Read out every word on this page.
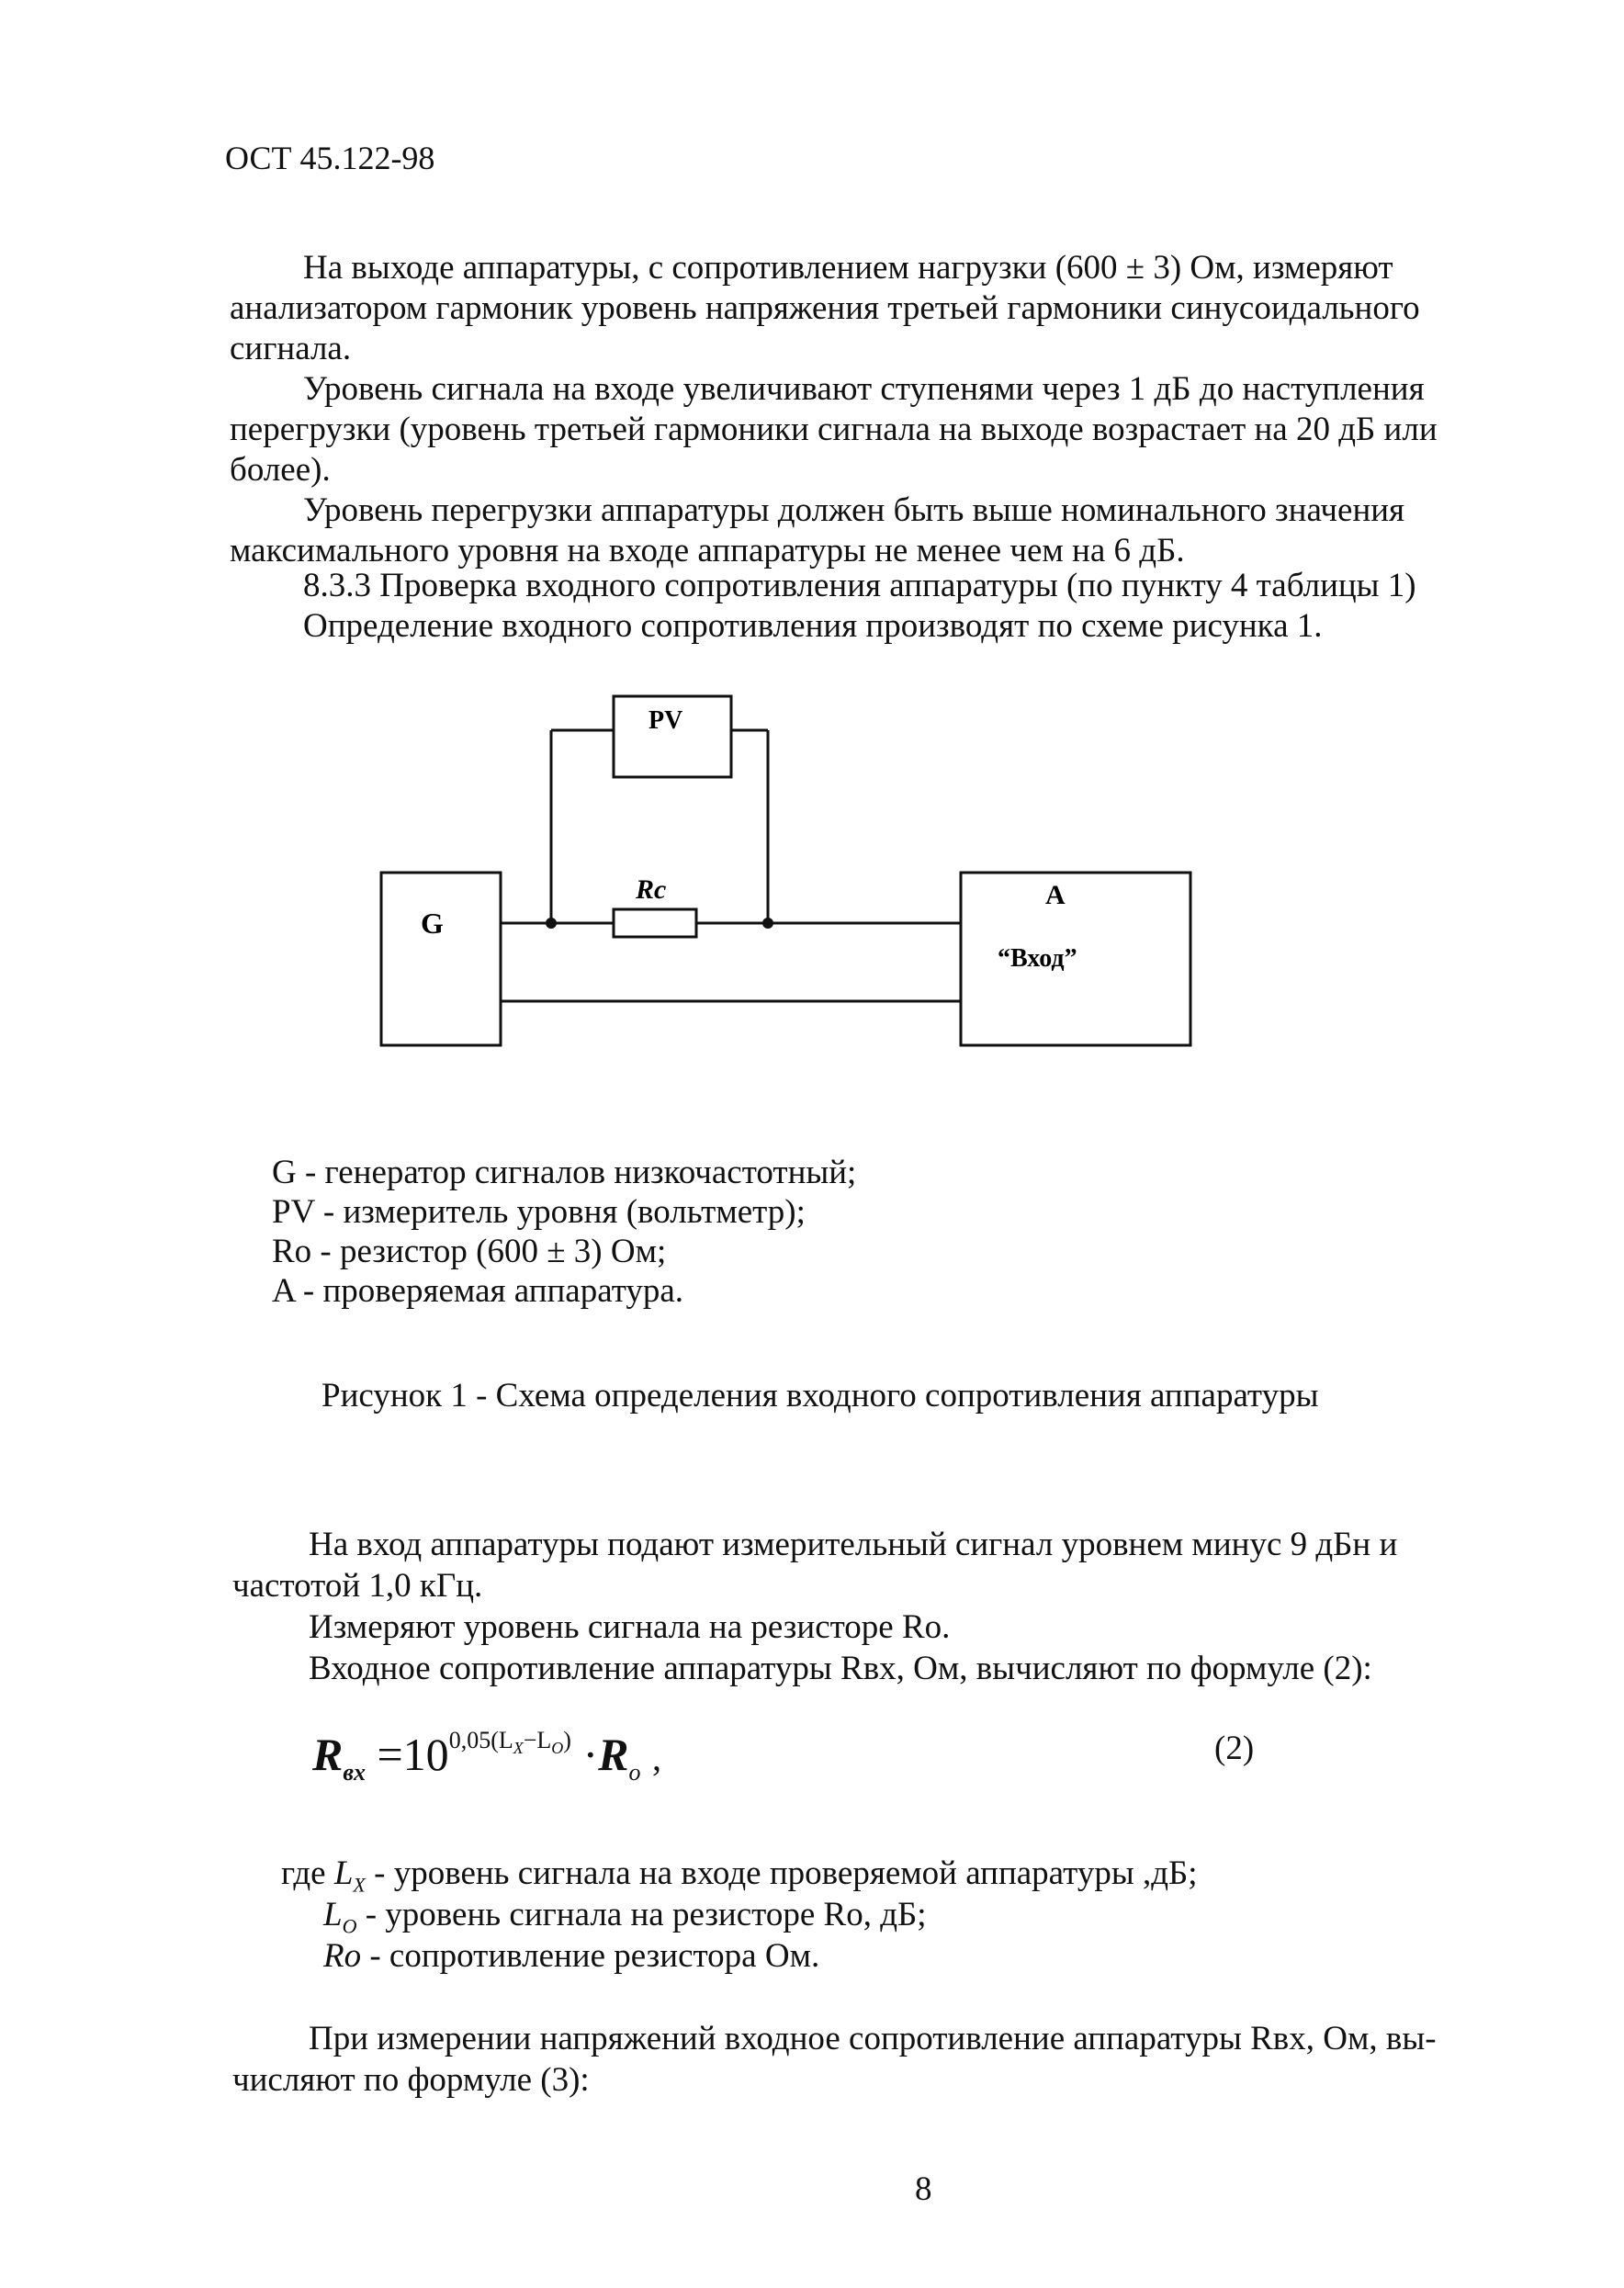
ОСТ 45.122-98
На выходе аппаратуры, с сопротивлением нагрузки (600 ± 3) Ом, измеряют
анализатором гармоник уровень напряжения третьей гармоники синусоидального
сигнала.
Уровень сигнала на входе увеличивают ступенями через 1 дБ до наступления
перегрузки (уровень третьей гармоники сигнала на выходе возрастает на 20 дБ или
более).
Уровень перегрузки аппаратуры должен быть выше номинального значения
максимального уровня на входе аппаратуры не менее чем на 6 дБ.
8.3.3 Проверка входного сопротивления аппаратуры (по пункту 4 таблицы 1)
Определение входного сопротивления производят по схеме рисунка 1.
PV
G
Rc	A
“Вход”
G - генератор сигналов низкочастотный;
PV - измеритель уровня (вольтметр);
Ro - резистор (600 ± 3) Ом;
A - проверяемая аппаратура.
Рисунок 1 - Схема определения входного сопротивления аппаратуры
На вход аппаратуры подают измерительный сигнал уровнем минус 9 дБн и
частотой 1,0 кГц.
Измеряют уровень сигнала на резисторе Ro.
Входное сопротивление аппаратуры Rвх, Ом, вычисляют по формуле (2):
$R_{вх} =10^{0,05(L_X-L_O)} \cdot R_o$ ,	(2)
где $L_X$ - уровень сигнала на входе проверяемой аппаратуры ,дБ;
$L_O$ - уровень сигнала на резисторе Ro, дБ;
Ro - сопротивление резистора Ом.
При измерении напряжений входное сопротивление аппаратуры Rвх, Ом, вы-
числяют по формуле (3):
8
